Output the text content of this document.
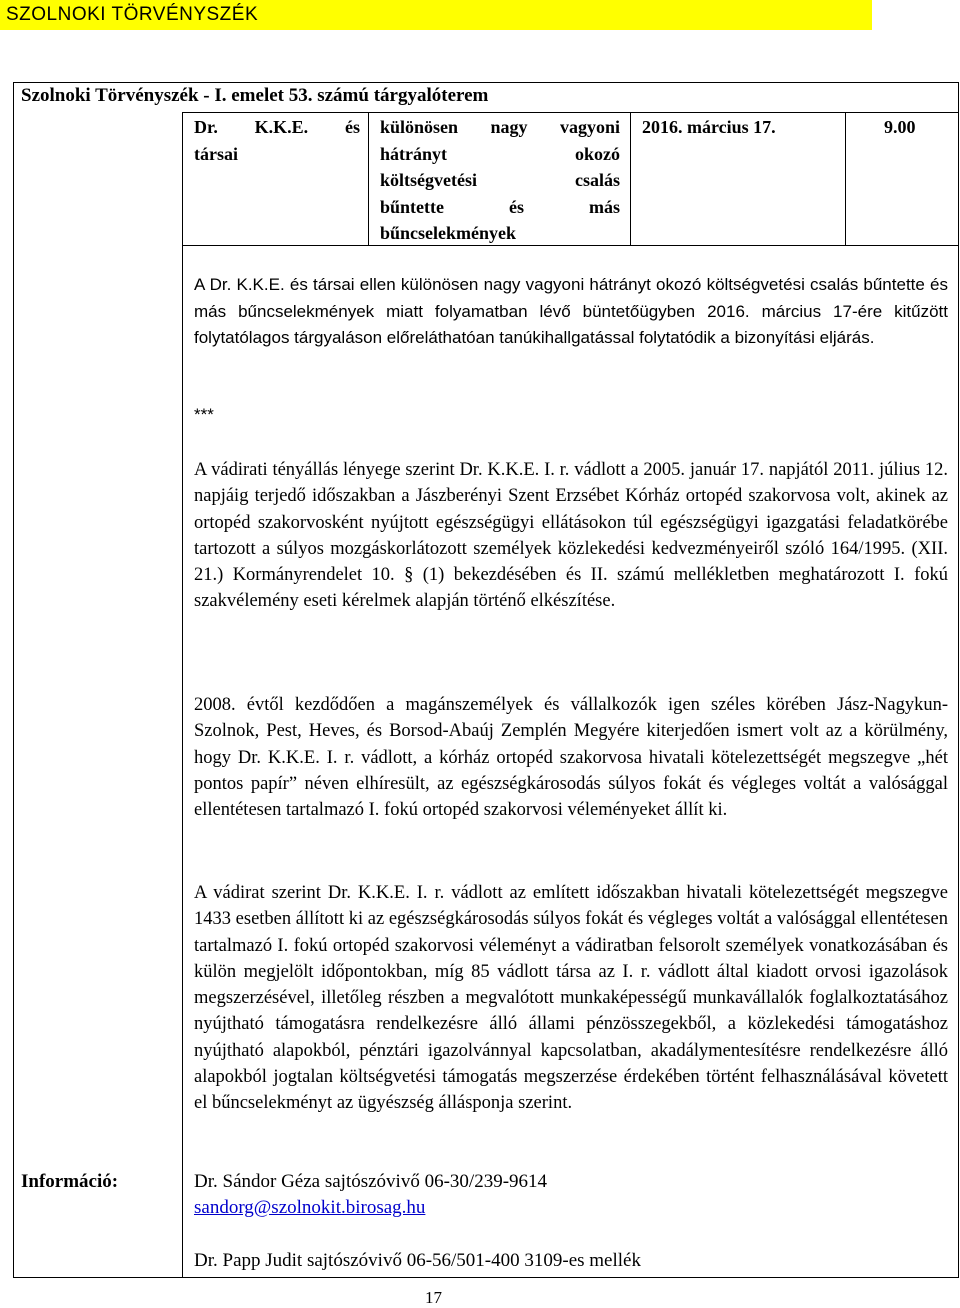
SZOLNOKI TÖRVÉNYSZÉK
Szolnoki Törvényszék - I. emelet 53. számú tárgyalóterem
Dr. K.K.E. és
társai
különösen nagy vagyoni
hátrányt okozó
költségvetési csalás
bűntette és más
bűncselekmények
2016. március 17.	9.00
A Dr. K.K.E. és társai ellen különösen nagy vagyoni hátrányt okozó költségvetési csalás bűntette és más bűncselekmények miatt folyamatban lévő büntetőügyben 2016. március 17-ére kitűzött folytatólagos tárgyaláson előreláthatóan tanúkihallgatással folytatódik a bizonyítási eljárás.
***
A vádirati tényállás lényege szerint Dr. K.K.E. I. r. vádlott a 2005. január 17. napjától 2011. július 12. napjáig terjedő időszakban a Jászberényi Szent Erzsébet Kórház ortopéd szakorvosa volt, akinek az ortopéd szakorvosként nyújtott egészségügyi ellátásokon túl egészségügyi igazgatási feladatkörébe tartozott a súlyos mozgáskorlátozott személyek közlekedési kedvezményeiről szóló 164/1995. (XII. 21.) Kormányrendelet 10. § (1) bekezdésében és II. számú mellékletben meghatározott I. fokú szakvélemény eseti kérelmek alapján történő elkészítése.
2008. évtől kezdődően a magánszemélyek és vállalkozók igen széles körében Jász-Nagykun-Szolnok, Pest, Heves, és Borsod-Abaúj Zemplén Megyére kiterjedően ismert volt az a körülmény, hogy Dr. K.K.E. I. r. vádlott, a kórház ortopéd szakorvosa hivatali kötelezettségét megszegve „hét pontos papír” néven elhíresült, az egészségkárosodás súlyos fokát és végleges voltát a valósággal ellentétesen tartalmazó I. fokú ortopéd szakorvosi véleményeket állít ki.
A vádirat szerint Dr. K.K.E. I. r. vádlott az említett időszakban hivatali kötelezettségét megszegve 1433 esetben állított ki az egészségkárosodás súlyos fokát és végleges voltát a valósággal ellentétesen tartalmazó I. fokú ortopéd szakorvosi véleményt a vádiratban felsorolt személyek vonatkozásában és külön megjelölt időpontokban, míg 85 vádlott társa az I. r. vádlott által kiadott orvosi igazolások megszerzésével, illetőleg részben a megvalótott munkaképességű munkavállalók foglalkoztatásához nyújtható támogatásra rendelkezésre álló állami pénzösszegekből, a közlekedési támogatáshoz nyújtható alapokból, pénztári igazolvánnyal kapcsolatban, akadálymentesítésre rendelkezésre álló alapokból jogtalan költségvetési támogatás megszerzése érdekében történt felhasználásával követett el bűncselekményt az ügyészség állásponja szerint.
Információ:	Dr. Sándor Géza sajtószóvivő 06-30/239-9614
sandorg@szolnokit.birosag.hu
Dr. Papp Judit sajtószóvivő 06-56/501-400 3109-es mellék
17
